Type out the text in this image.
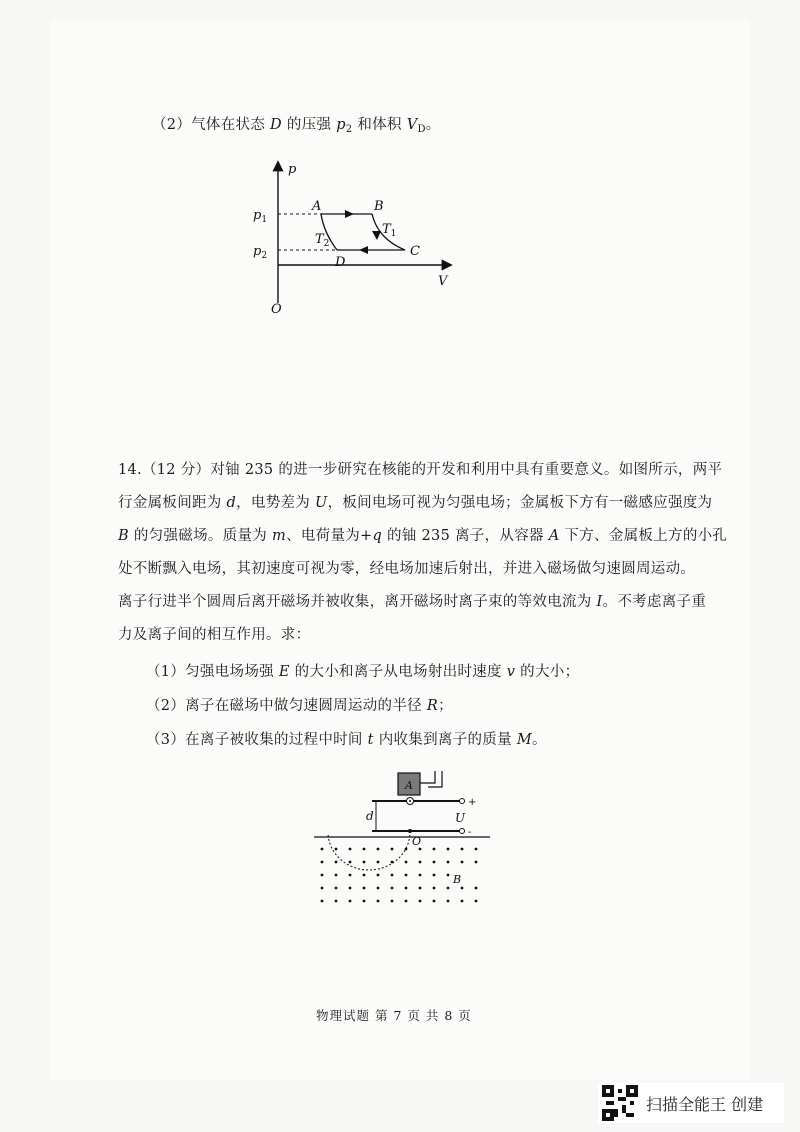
（2）气体在状态 D 的压强 $p_2$ 和体积 $V_D$。
p
V
O
$p_1$
$p_2$
A	B
C
D
$T_1$
$T_2$
14.（12 分）对铀 235 的进一步研究在核能的开发和利用中具有重要意义。如图所示，两平
行金属板间距为 d，电势差为 U，板间电场可视为匀强电场；金属板下方有一磁感应强度为
B 的匀强磁场。质量为 m、电荷量为+q 的铀 235 离子，从容器 A 下方、金属板上方的小孔
处不断飘入电场，其初速度可视为零，经电场加速后射出，并进入磁场做匀速圆周运动。
离子行进半个圆周后离开磁场并被收集，离开磁场时离子束的等效电流为 I。不考虑离子重
力及离子间的相互作用。求：
（1）匀强电场场强 E 的大小和离子从电场射出时速度 v 的大小；
（2）离子在磁场中做匀速圆周运动的半径 R；
（3）在离子被收集的过程中时间 t 内收集到离子的质量 M。
A
+
-
U
d
O
B
物理试题 第 7 页 共 8 页
扫描全能王 创建
